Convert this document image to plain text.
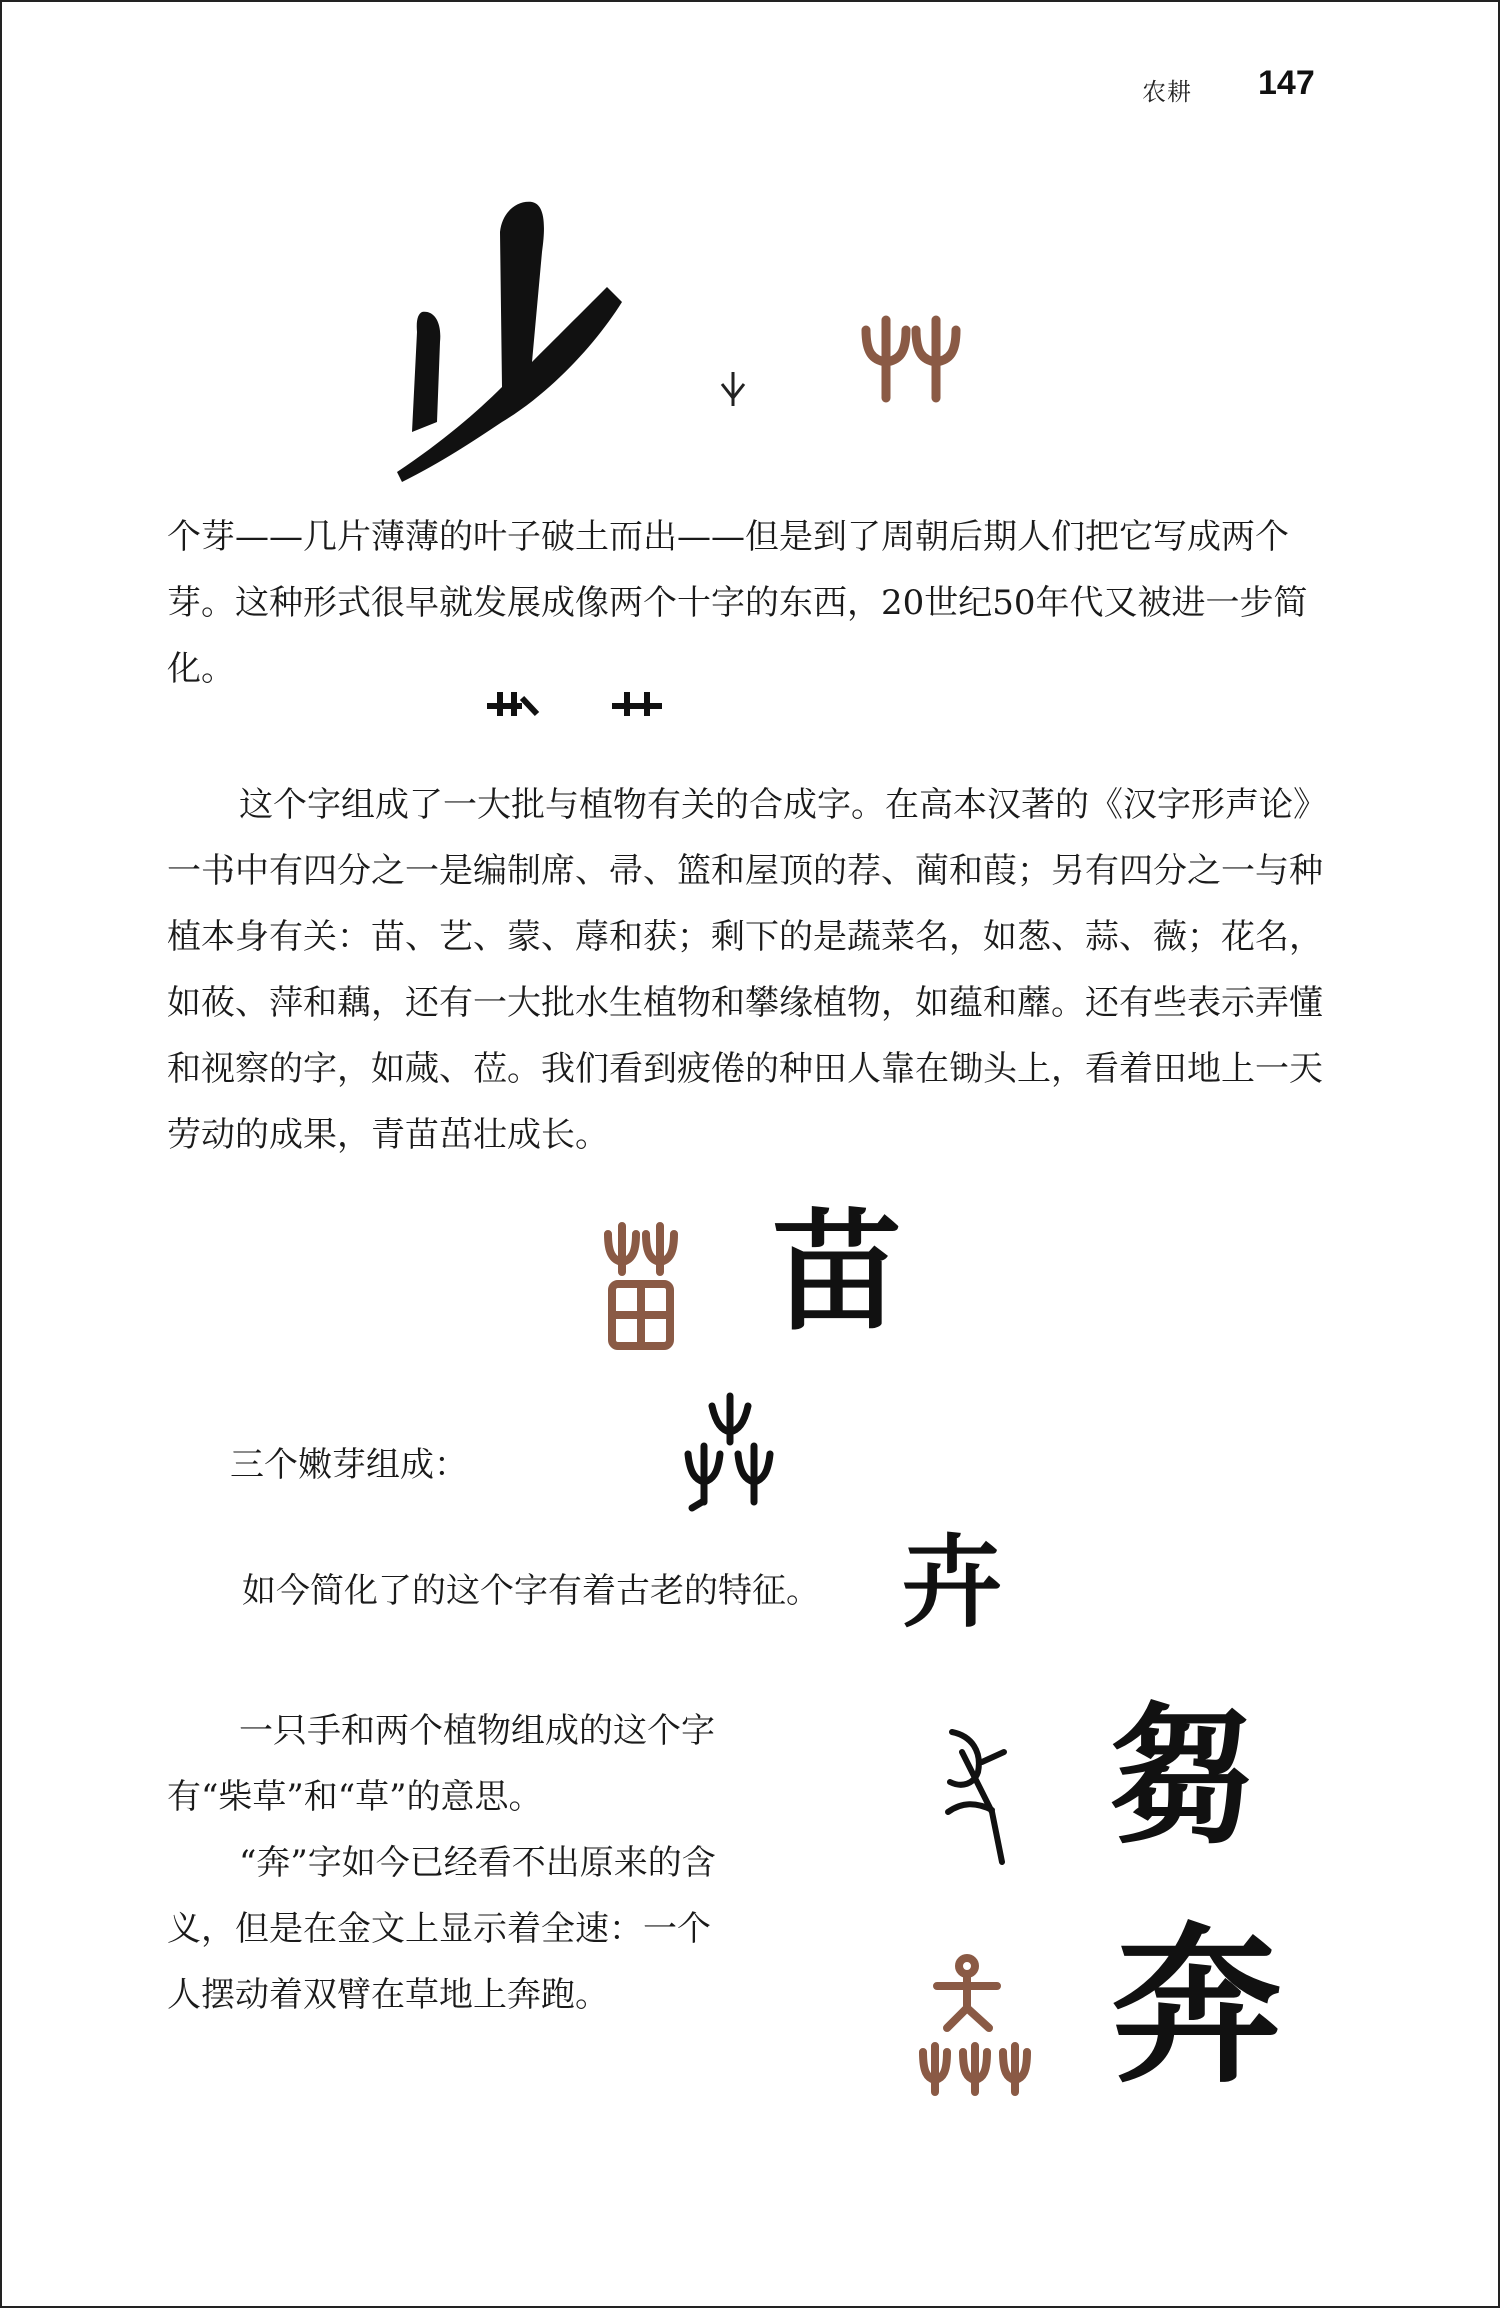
农耕 147

个芽——几片薄薄的叶子破土而出——但是到了周朝后期人们把它写成两个芽。这种形式很早就发展成像两个十字的东西，20世纪50年代又被进一步简化。

这个字组成了一大批与植物有关的合成字。在高本汉著的《汉字形声论》一书中有四分之一是编制席、帚、篮和屋顶的荐、蔺和葭；另有四分之一与种植本身有关：苗、艺、蒙、蓐和获；剩下的是蔬菜名，如葱、蒜、薇；花名，如莜、萍和藕，还有一大批水生植物和攀缘植物，如蕴和蘼。还有些表示弄懂和视察的字，如蒇、莅。我们看到疲倦的种田人靠在锄头上，看着田地上一天劳动的成果，青苗茁壮成长。

苗

三个嫩芽组成：

如今简化了的这个字有着古老的特征。 卉

一只手和两个植物组成的这个字有“柴草”和“草”的意思。

“奔”字如今已经看不出原来的含义，但是在金文上显示着全速：一个人摆动着双臂在草地上奔跑。

芻
奔
